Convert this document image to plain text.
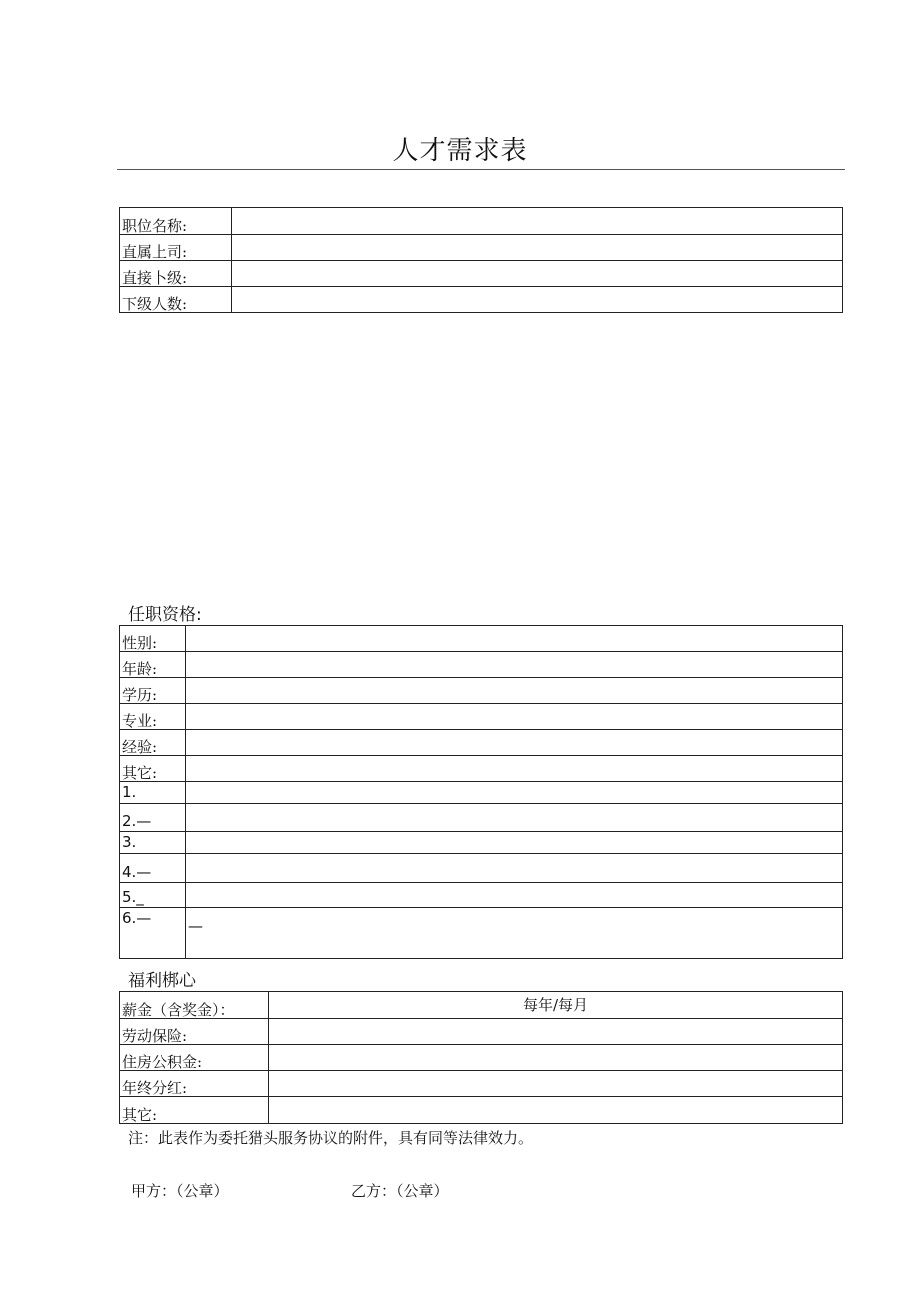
人才需求表
职位名称:	
直属上司:	
直接卜级:	
下级人数:	
任职资格:
性别:	
年龄:	
学历:	
专业:	
经验:	
其它:	
1.	
2.—	
3.	
4.—	
5._	
6.—	—
福利梆心
薪金（含奖金）：	每年/每月
劳动保险:	
住房公积金:	
年终分红:	
其它:	
注：此表作为委托猎头服务协议的附件，具有同等法律效力。
甲方：（公章）	乙方：（公章）
